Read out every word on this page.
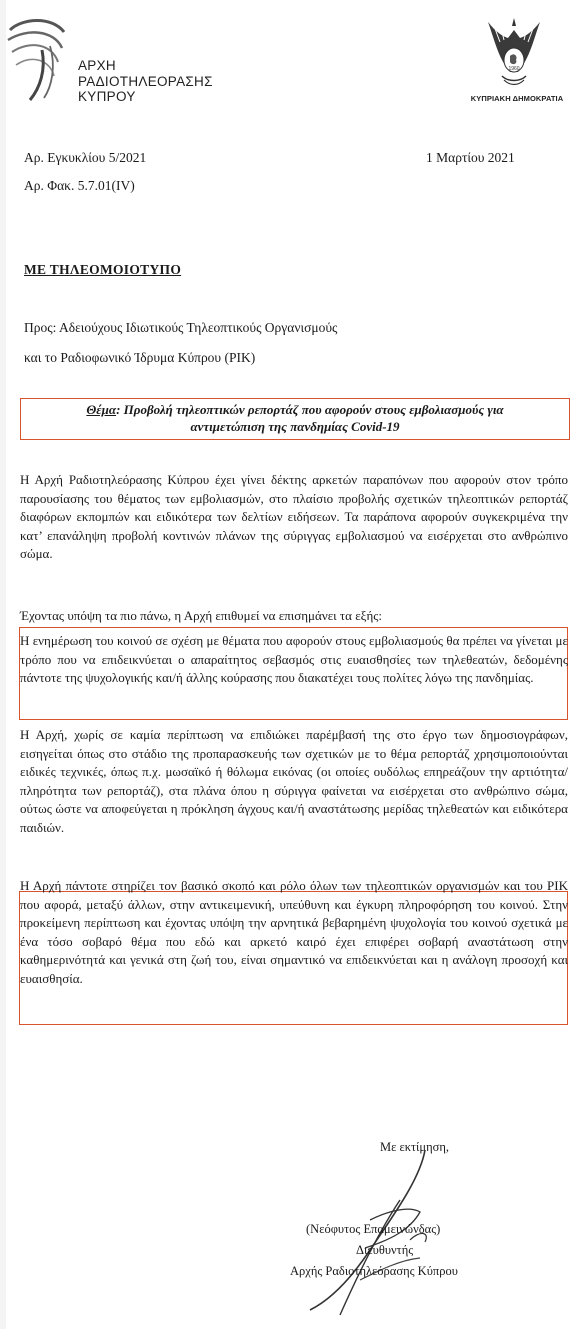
ΑΡΧΗ
ΡΑΔΙΟΤΗΛΕΟΡΑΣΗΣ
ΚΥΠΡΟΥ
1960
ΚΥΠΡΙΑΚΗ ΔΗΜΟΚΡΑΤΙΑ
Αρ. Εγκυκλίου 5/2021
Αρ. Φακ. 5.7.01(IV)
1 Μαρτίου 2021
ΜΕ ΤΗΛΕΟΜΟΙΟΤΥΠΟ
Προς: Αδειούχους Ιδιωτικούς Τηλεοπτικούς Οργανισμούς
και το Ραδιοφωνικό Ίδρυμα Κύπρου (ΡΙΚ)
Θέμα: Προβολή τηλεοπτικών ρεπορτάζ που αφορούν στους εμβολιασμούς για
αντιμετώπιση της πανδημίας Covid-19
Η Αρχή Ραδιοτηλεόρασης Κύπρου έχει γίνει δέκτης αρκετών παραπόνων που αφορούν στον τρόπο παρουσίασης του θέματος των εμβολιασμών, στο πλαίσιο προβολής σχετικών τηλεοπτικών ρεπορτάζ διαφόρων εκπομπών και ειδικότερα των δελτίων ειδήσεων. Τα παράπονα αφορούν συγκεκριμένα την κατ’ επανάληψη προβολή κοντινών πλάνων της σύριγγας εμβολιασμού να εισέρχεται στο ανθρώπινο σώμα.
Έχοντας υπόψη τα πιο πάνω, η Αρχή επιθυμεί να επισημάνει τα εξής:
Η ενημέρωση του κοινού σε σχέση με θέματα που αφορούν στους εμβολιασμούς θα πρέπει να γίνεται με τρόπο που να επιδεικνύεται ο απαραίτητος σεβασμός στις ευαισθησίες των τηλεθεατών, δεδομένης πάντοτε της ψυχολογικής και/ή άλλης κούρασης που διακατέχει τους πολίτες λόγω της πανδημίας.
Η Αρχή, χωρίς σε καμία περίπτωση να επιδιώκει παρέμβασή της στο έργο των δημοσιογράφων, εισηγείται όπως στο στάδιο της προπαρασκευής των σχετικών με το θέμα ρεπορτάζ χρησιμοποιούνται ειδικές τεχνικές, όπως π.χ. μωσαϊκό ή θόλωμα εικόνας (οι οποίες ουδόλως επηρεάζουν την αρτιότητα/πληρότητα των ρεπορτάζ), στα πλάνα όπου η σύριγγα φαίνεται να εισέρχεται στο ανθρώπινο σώμα, ούτως ώστε να αποφεύγεται η πρόκληση άγχους και/ή αναστάτωσης μερίδας τηλεθεατών και ειδικότερα παιδιών.
Η Αρχή πάντοτε στηρίζει τον βασικό σκοπό και ρόλο όλων των τηλεοπτικών οργανισμών και του ΡΙΚ που αφορά, μεταξύ άλλων, στην αντικειμενική, υπεύθυνη και έγκυρη πληροφόρηση του κοινού. Στην προκείμενη περίπτωση και έχοντας υπόψη την αρνητικά βεβαρημένη ψυχολογία του κοινού σχετικά με ένα τόσο σοβαρό θέμα που εδώ και αρκετό καιρό έχει επιφέρει σοβαρή αναστάτωση στην καθημερινότητά και γενικά στη ζωή του, είναι σημαντικό να επιδεικνύεται και η ανάλογη προσοχή και ευαισθησία.
Με εκτίμηση,
(Νεόφυτος Επαμεινώνδας)
Διευθυντής
Αρχής Ραδιοτηλεόρασης Κύπρου
